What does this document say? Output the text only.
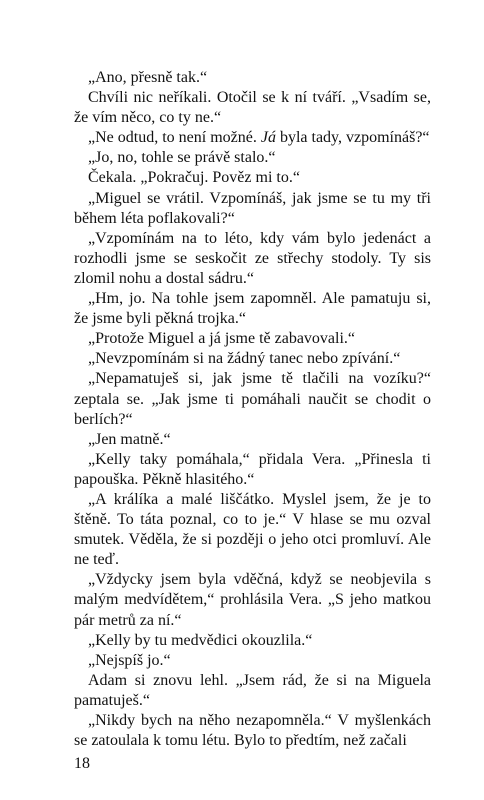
„Ano, přesně tak.“

Chvíli nic neříkali. Otočil se k ní tváří. „Vsadím se, že vím něco, co ty ne.“

„Ne odtud, to není možné. Já byla tady, vzpomínáš?“

„Jo, no, tohle se právě stalo.“

Čekala. „Pokračuj. Pověz mi to.“

„Miguel se vrátil. Vzpomínáš, jak jsme se tu my tři během léta poflakovali?“

„Vzpomínám na to léto, kdy vám bylo jedenáct a rozhodli jsme se seskočit ze střechy stodoly. Ty sis zlomil nohu a dostal sádru.“

„Hm, jo. Na tohle jsem zapomněl. Ale pamatuju si, že jsme byli pěkná trojka.“

„Protože Miguel a já jsme tě zabavovali.“

„Nevzpomínám si na žádný tanec nebo zpívání.“

„Nepamatuješ si, jak jsme tě tlačili na vozíku?“ zeptala se. „Jak jsme ti pomáhali naučit se chodit o berlích?“

„Jen matně.“

„Kelly taky pomáhala,“ přidala Vera. „Přinesla ti papouška. Pěkně hlasitého.“

„A králíka a malé liščátko. Myslel jsem, že je to štěně. To táta poznal, co to je.“ V hlase se mu ozval smutek. Věděla, že si později o jeho otci promluví. Ale ne teď.

„Vždycky jsem byla vděčná, když se neobjevila s malým medvídětem,“ prohlásila Vera. „S jeho matkou pár metrů za ní.“

„Kelly by tu medvědici okouzlila.“

„Nejspíš jo.“

Adam si znovu lehl. „Jsem rád, že si na Miguela pamatuješ.“

„Nikdy bych na něho nezapomněla.“ V myšlenkách se zatoulala k tomu létu. Bylo to předtím, než začali

18
